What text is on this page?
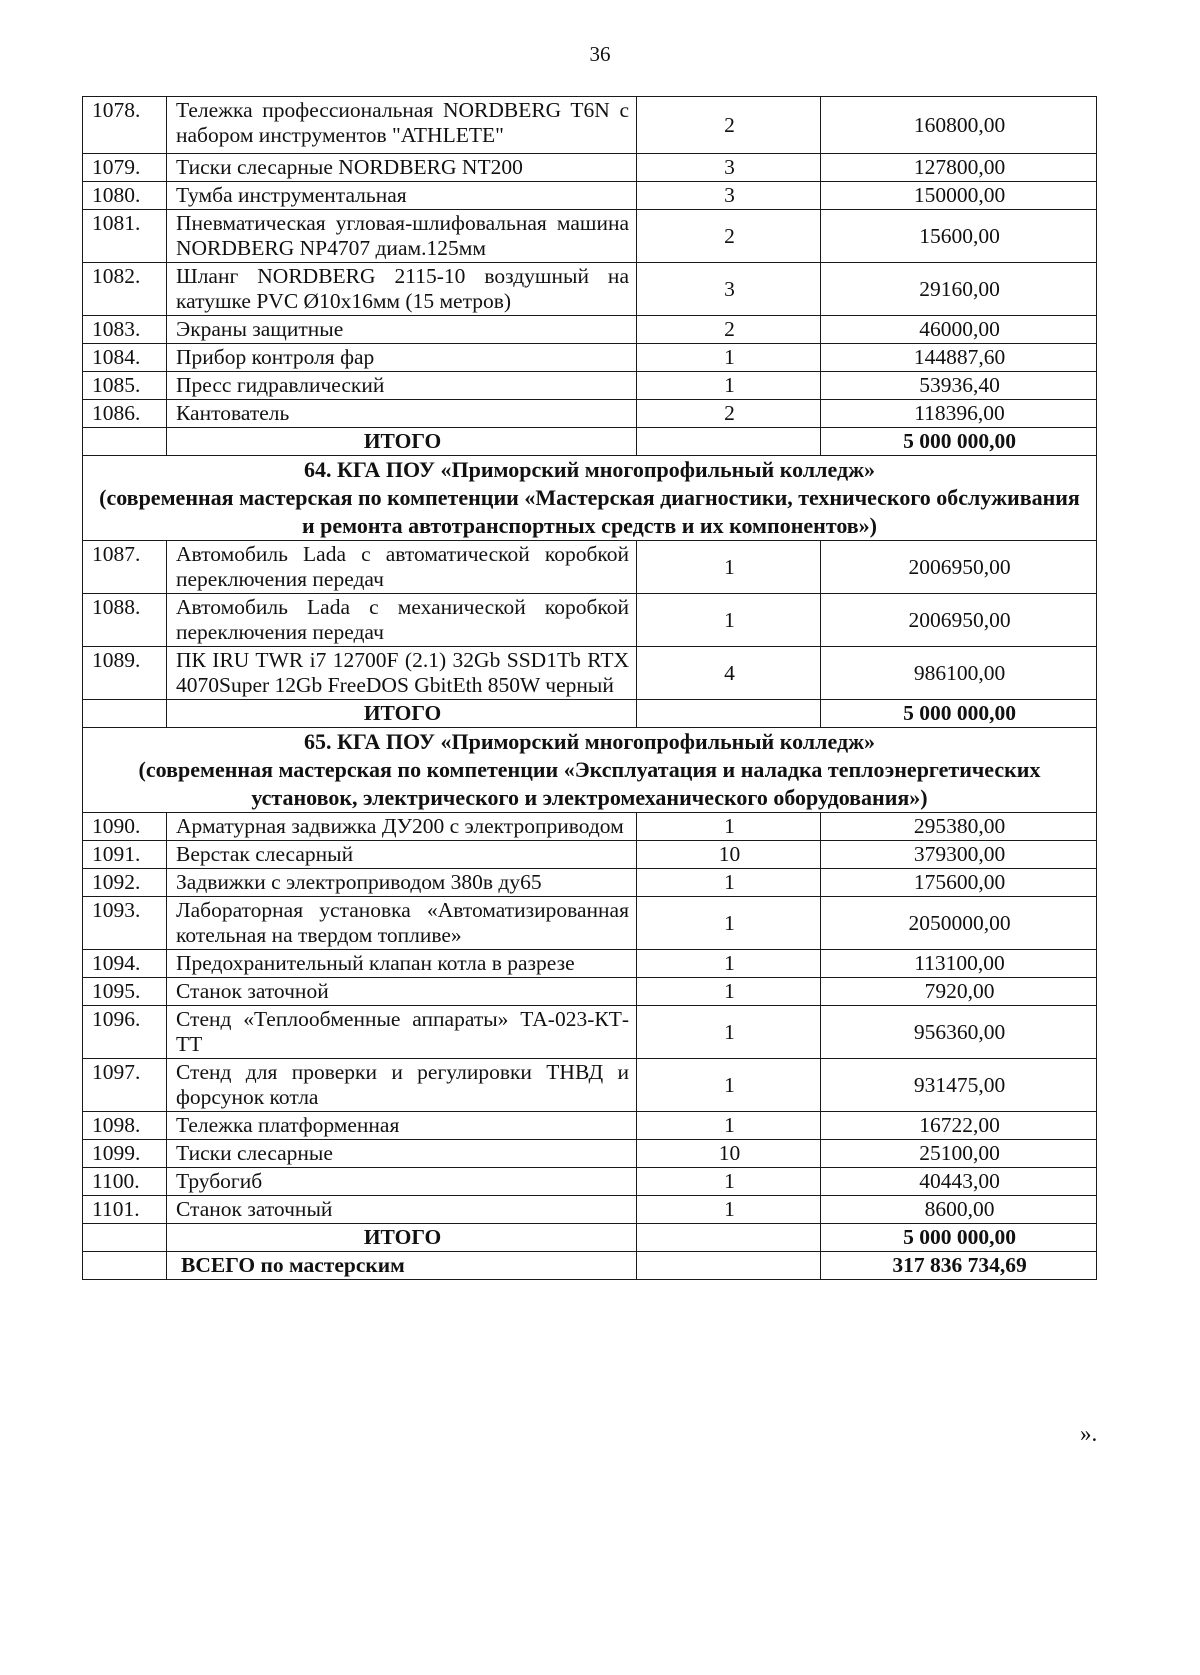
36
1078.	Тележка профессиональная NORDBERG T6N с набором инструментов "ATHLETE"	2	160800,00
1079.	Тиски слесарные NORDBERG NT200	3	127800,00
1080.	Тумба инструментальная	3	150000,00
1081.	Пневматическая угловая-шлифовальная машина NORDBERG NP4707 диам.125мм	2	15600,00
1082.	Шланг NORDBERG 2115-10 воздушный на катушке PVC Ø10x16мм (15 метров)	3	29160,00
1083.	Экраны защитные	2	46000,00
1084.	Прибор контроля фар	1	144887,60
1085.	Пресс гидравлический	1	53936,40
1086.	Кантователь	2	118396,00
	ИТОГО		5 000 000,00

64. КГА ПОУ «Приморский многопрофильный колледж»
(современная мастерская по компетенции «Мастерская диагностики, технического обслуживания и ремонта автотранспортных средств и их компонентов»)			

1087.	Автомобиль Lada с автоматической коробкой переключения передач	1	2006950,00
1088.	Автомобиль Lada с механической коробкой переключения передач	1	2006950,00
1089.	ПК IRU TWR i7 12700F (2.1) 32Gb SSD1Tb RTX 4070Super 12Gb FreeDOS GbitEth 850W черный	4	986100,00
	ИТОГО		5 000 000,00

65. КГА ПОУ «Приморский многопрофильный колледж»
(современная мастерская по компетенции «Эксплуатация и наладка теплоэнергетических установок, электрического и электромеханического оборудования»)			

1090.	Арматурная задвижка ДУ200 с электроприводом	1	295380,00
1091.	Верстак слесарный	10	379300,00
1092.	Задвижки с электроприводом 380в ду65	1	175600,00
1093.	Лабораторная установка «Автоматизированная котельная на твердом топливе»	1	2050000,00
1094.	Предохранительный клапан котла в разрезе	1	113100,00
1095.	Станок заточной	1	7920,00
1096.	Стенд «Теплообменные аппараты» ТА-023-КТ-ТТ	1	956360,00
1097.	Стенд для проверки и регулировки ТНВД и форсунок котла	1	931475,00
1098.	Тележка платформенная	1	16722,00
1099.	Тиски слесарные	10	25100,00
1100.	Трубогиб	1	40443,00
1101.	Станок заточный	1	8600,00
	ИТОГО		5 000 000,00
	ВСЕГО по мастерским		317 836 734,69
».
